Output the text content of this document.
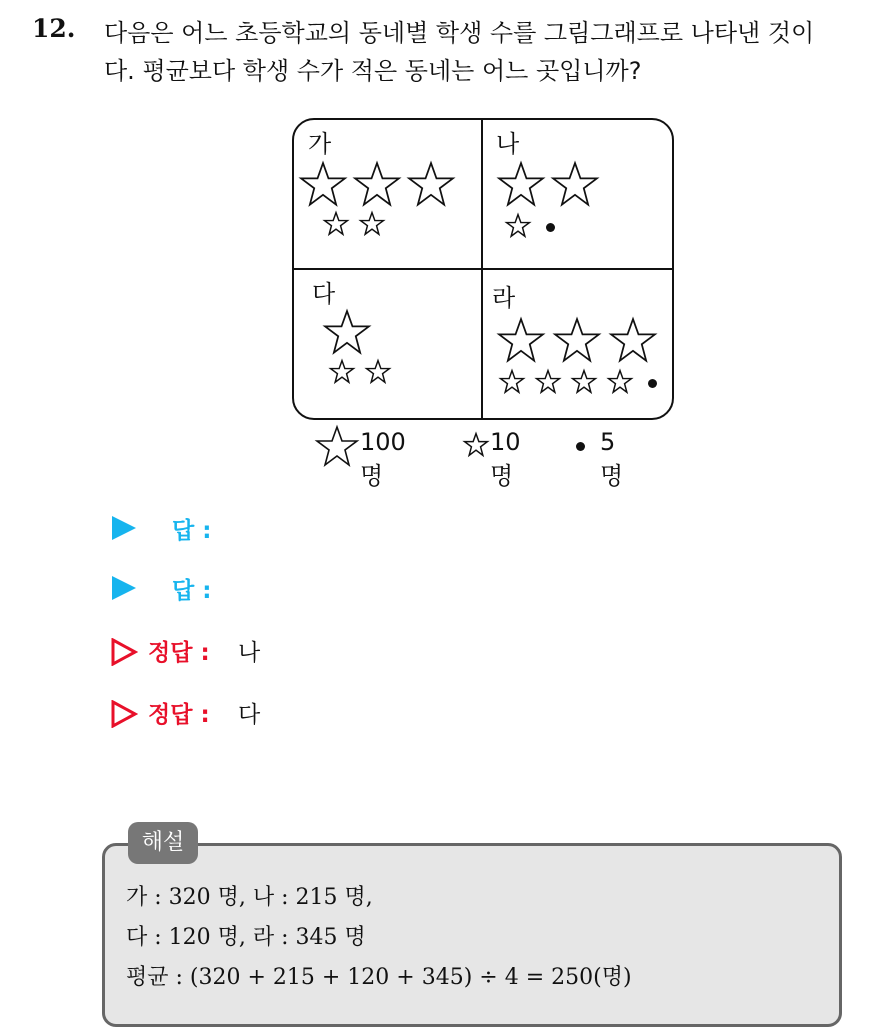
12. 다음은 어느 초등학교의 동네별 학생 수를 그림그래프로 나타낸 것이
다. 평균보다 학생 수가 적은 동네는 어느 곳입니까?
가	나
다	라
100명
10명
5명
답 :
답 :
정답 : 나
정답 : 다
해설
가 : 320 명, 나 : 215 명,
다 : 120 명, 라 : 345 명
평균 : (320 + 215 + 120 + 345) ÷ 4 = 250(명)
